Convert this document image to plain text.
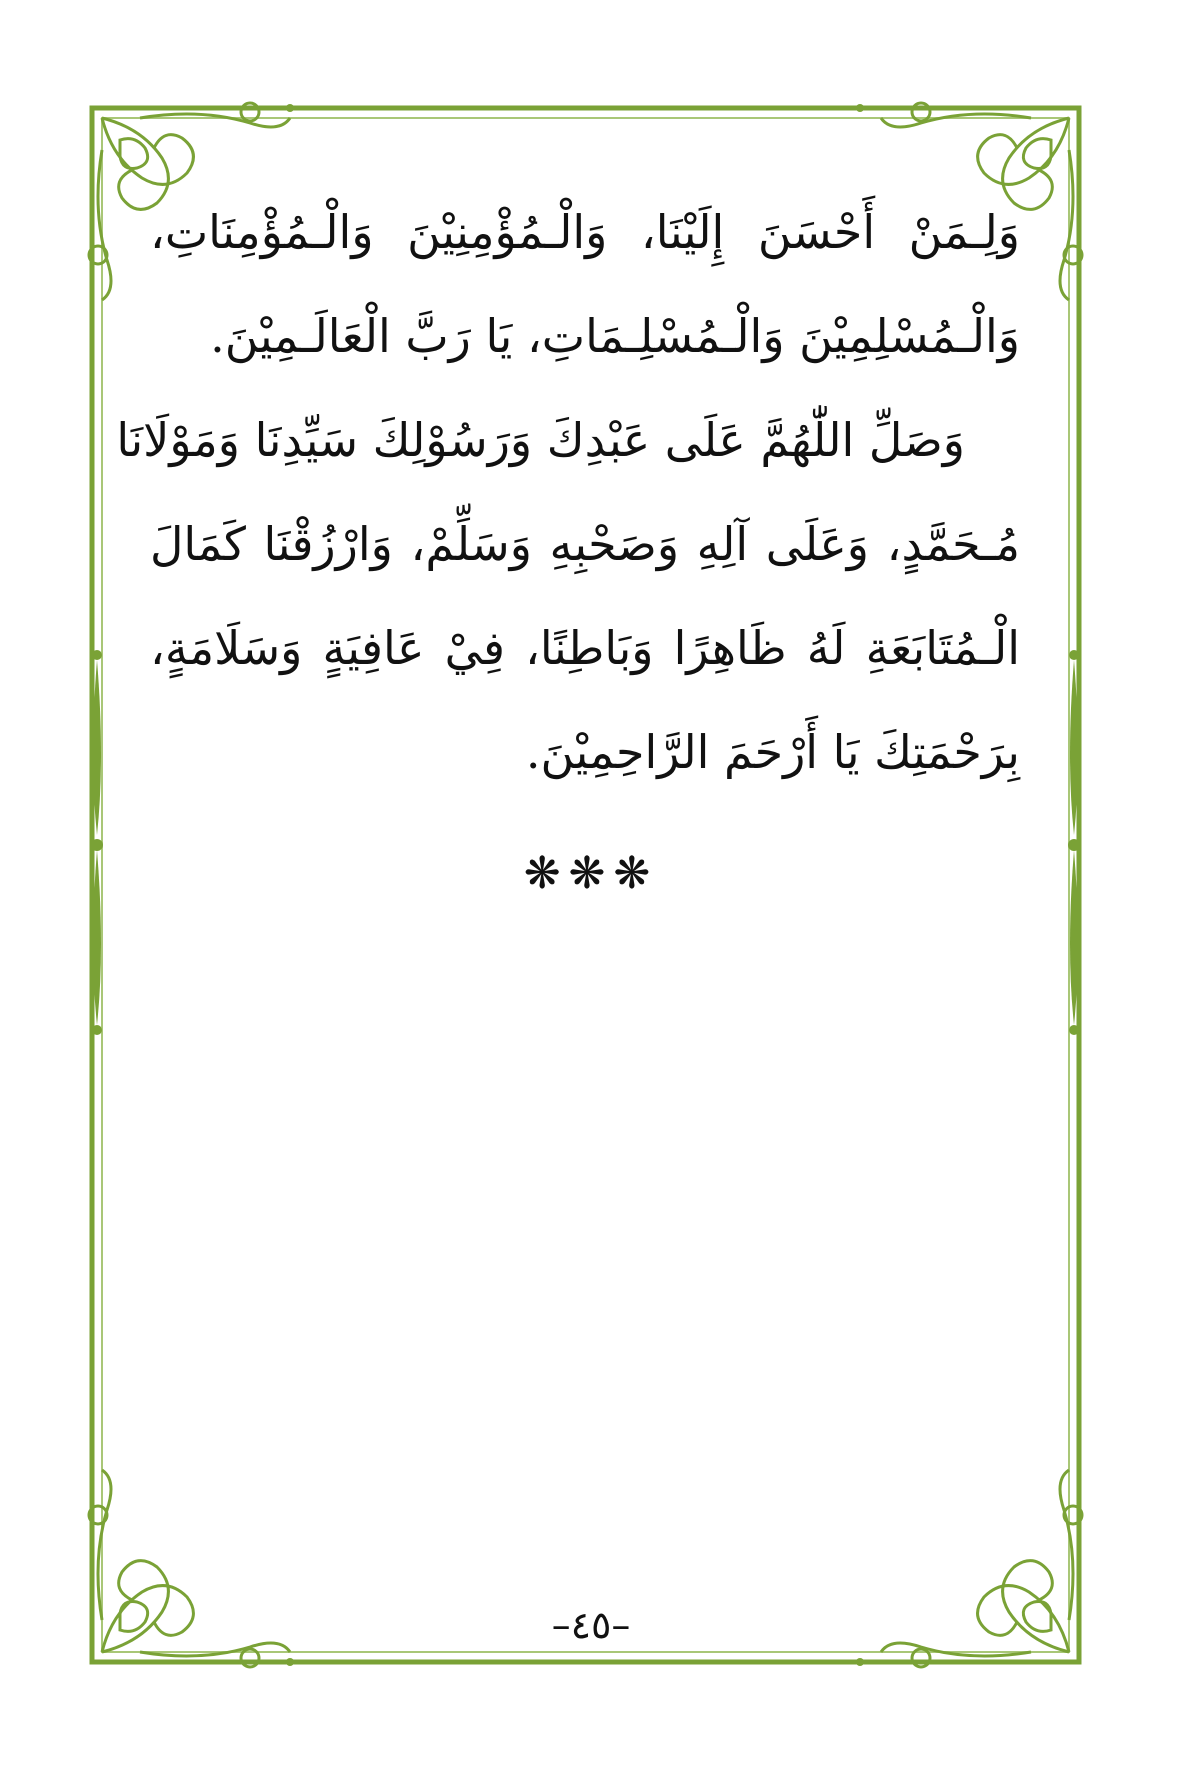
وَلِـمَنْ أَحْسَنَ إِلَيْنَا، وَالْـمُؤْمِنِيْنَ وَالْـمُؤْمِنَاتِ،
وَالْـمُسْلِمِيْنَ وَالْـمُسْلِـمَاتِ، يَا رَبَّ الْعَالَـمِيْنَ.
وَصَلِّ اللّٰهُمَّ عَلَى عَبْدِكَ وَرَسُوْلِكَ سَيِّدِنَا وَمَوْلَانَا
مُـحَمَّدٍ، وَعَلَى آلِهِ وَصَحْبِهِ وَسَلِّمْ، وَارْزُقْنَا كَمَالَ
الْـمُتَابَعَةِ لَهُ ظَاهِرًا وَبَاطِنًا، فِيْ عَافِيَةٍ وَسَلَامَةٍ،
بِرَحْمَتِكَ يَا أَرْحَمَ الرَّاحِمِيْنَ.
❋❋❋
–٤٥–
